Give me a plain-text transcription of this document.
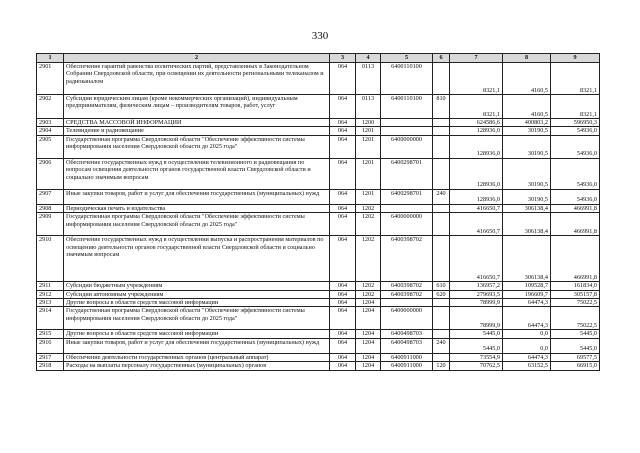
330
1	2	3	4	5	6	7	8	9
2901	Обеспечение гарантий равенства политических партий, представленных в Законодательном Собрании Свердловской области, при освещении их деятельности региональными телеканалом и радиоканалом	064	0113	6400110100		8321,1	4160,5	8321,1
2902	Субсидии юридическим лицам (кроме некоммерческих организаций), индивидуальным предпринимателям, физическим лицам – производителям товаров, работ, услуг	064	0113	6400110100	810	8321,1	4160,5	8321,1
2903	СРЕДСТВА МАССОВОЙ ИНФОРМАЦИИ	064	1200			624586,6	400803,2	596950,3
2904	Телевидение и радиовещание	064	1201			128936,0	30190,5	54936,0
2905	Государственная программа Свердловской области "Обеспечение эффективности системы информирования населения Свердловской области до 2025 года"	064	1201	6400000000		128936,0	30190,5	54936,0
2906	Обеспечение государственных нужд в осуществлении телевизионного и радиовещания по вопросам освещения деятельности органов государственной власти Свердловской области и социально значимым вопросам	064	1201	6400298701		128936,0	30190,5	54936,0
2907	Иные закупки товаров, работ и услуг для обеспечения государственных (муниципальных) нужд	064	1201	6400298701	240	128936,0	30190,5	54936,0
2908	Периодическая печать и издательства	064	1202			416650,7	306138,4	466991,8
2909	Государственная программа Свердловской области "Обеспечение эффективности системы информирования населения Свердловской области до 2025 года"	064	1202	6400000000		416650,7	306138,4	466991,8
2910	Обеспечение государственных нужд в осуществлении выпуска и распространения материалов по освещению деятельности органов государственной власти Свердловской области и социально значимым вопросам	064	1202	6400398702		416650,7	306138,4	466991,8
2911	Субсидии бюджетным учреждениям	064	1202	6400398702	610	136957,2	109528,7	161834,0
2912	Субсидии автономным учреждениям	064	1202	6400398702	620	279693,5	196609,7	305157,8
2913	Другие вопросы в области средств массовой информации	064	1204			78999,9	64474,3	75022,5
2914	Государственная программа Свердловской области "Обеспечение эффективности системы информирования населения Свердловской области до 2025 года"	064	1204	6400000000		78999,9	64474,3	75022,5
2915	Другие вопросы в области средств массовой информации	064	1204	6400498703		5445,0	0,0	5445,0
2916	Иные закупки товаров, работ и услуг для обеспечения государственных (муниципальных) нужд	064	1204	6400498703	240	5445,0	0,0	5445,0
2917	Обеспечение деятельности государственных органов (центральный аппарат)	064	1204	6400911000		73554,9	64474,3	69577,5
2918	Расходы на выплаты персоналу государственных (муниципальных) органов	064	1204	6400911000	120	70762,5	63152,5	66915,0
